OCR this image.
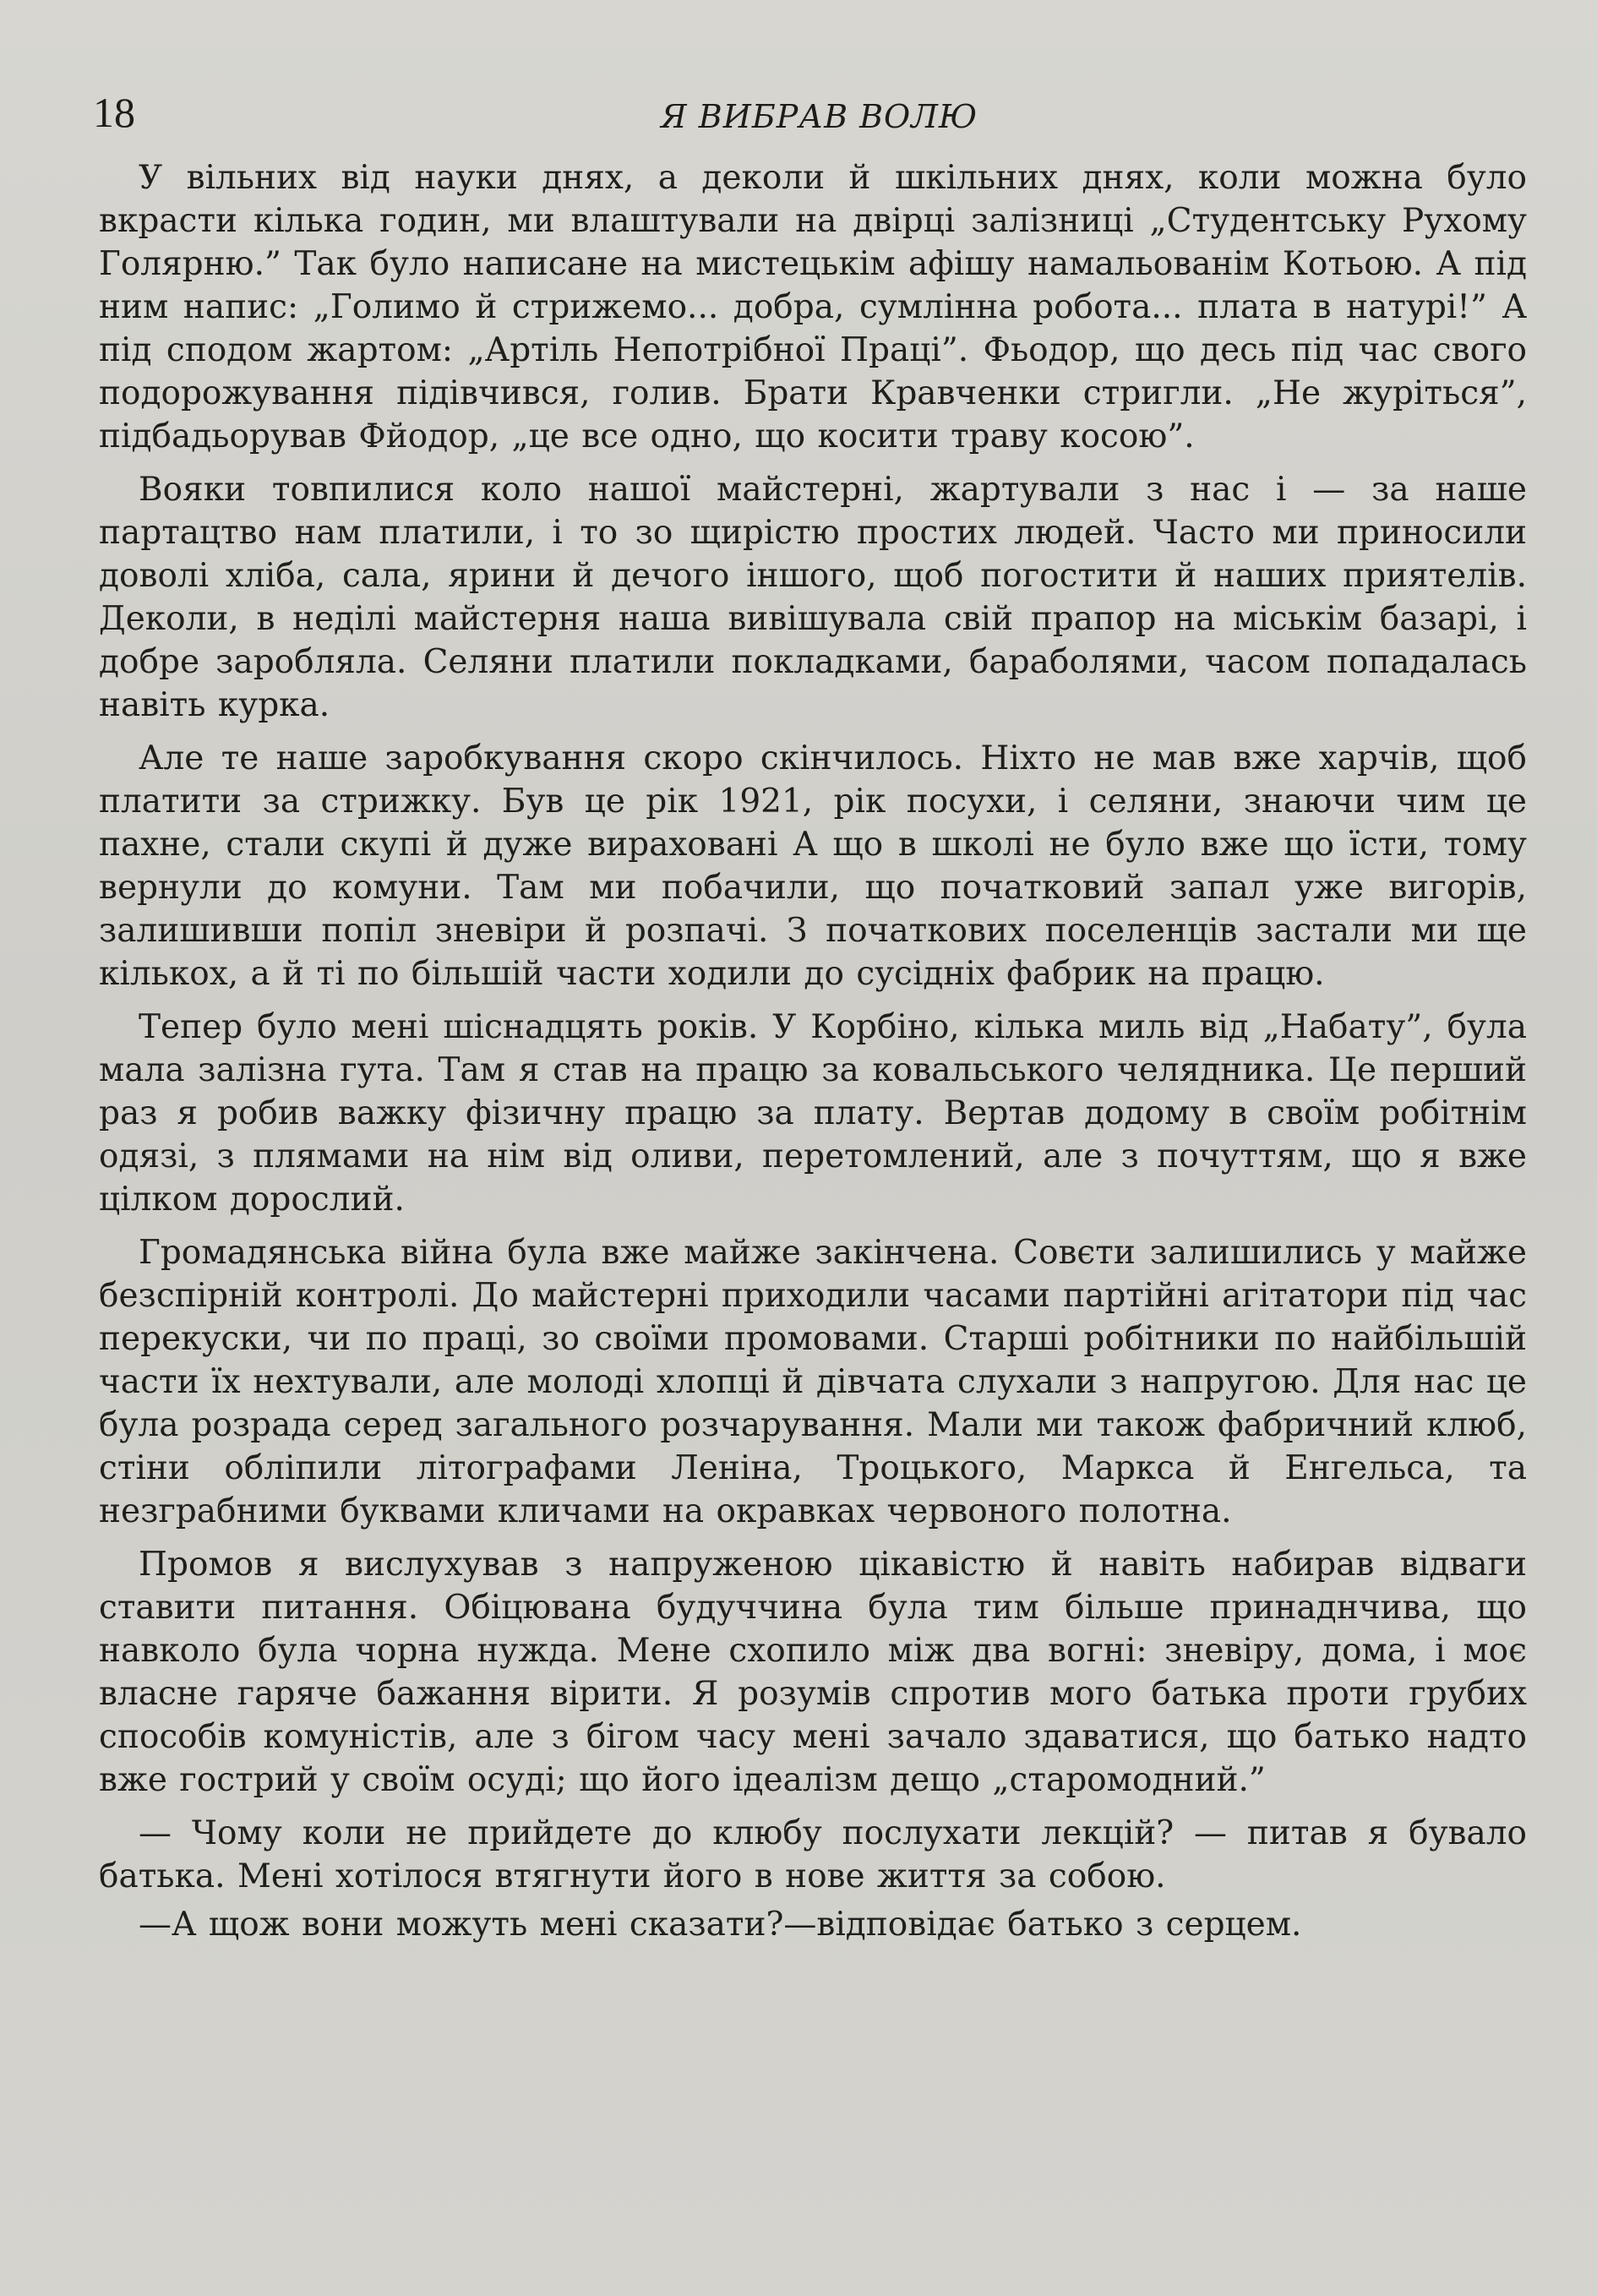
18	Я ВИБРАВ ВОЛЮ

У вільних від науки днях, а деколи й шкільних днях, коли можна було вкрасти кілька годин, ми влаштували на двірці залізниці „Студентську Рухому Голярню.” Так було написане на мистецькім афішу намальованім Котьою. А під ним напис: „Голимо й стрижемо... добра, сумлінна робота... плата в натурі!” А під сподом жартом: „Артіль Непотрібної Праці”. Фьодор, що десь під час свого подорожування підівчився, голив. Брати Кравченки стригли. „Не журіться”, підбадьорував Фйодор, „це все одно, що косити траву косою”.

Вояки товпилися коло нашої майстерні, жартували з нас і — за наше партацтво нам платили, і то зо щирістю простих людей. Часто ми приносили доволі хліба, сала, ярини й дечого іншого, щоб погостити й наших приятелів. Деколи, в неділі майстерня наша вивішувала свій прапор на міськім базарі, і добре заробляла. Селяни платили покладками, бараболями, часом попадалась навіть курка.

Але те наше заробкування скоро скінчилось. Ніхто не мав вже харчів, щоб платити за стрижку. Був це рік 1921, рік посухи, і селяни, знаючи чим це пахне, стали скупі й дуже вираховані А що в школі не було вже що їсти, тому вернули до комуни. Там ми побачили, що початковий запал уже вигорів, залишивши попіл зневіри й розпачі. З початкових поселенців застали ми ще кількох, а й ті по більшій части ходили до сусідніх фабрик на працю.

Тепер було мені шіснадцять років. У Корбіно, кілька миль від „Набату”, була мала залізна гута. Там я став на працю за ковальського челядника. Це перший раз я робив важку фізичну працю за плату. Вертав додому в своїм робітнім одязі, з плямами на нім від оливи, перетомлений, але з почуттям, що я вже цілком дорослий.

Громадянська війна була вже майже закінчена. Совєти залишились у майже безспірній контролі. До майстерні приходили часами партійні агітатори під час перекуски, чи по праці, зо своїми промовами. Старші робітники по найбільшій части їх нехтували, але молоді хлопці й дівчата слухали з напругою. Для нас це була розрада серед загального розчарування. Мали ми також фабричний клюб, стіни обліпили літографами Леніна, Троцького, Маркса й Енгельса, та незграбними буквами кличами на окравках червоного полотна.

Промов я вислухував з напруженою цікавістю й навіть набирав відваги ставити питання. Обіцювана будуччина була тим більше принаднчива, що навколо була чорна нужда. Мене схопило між два вогні: зневіру, дома, і моє власне гаряче бажання вірити. Я розумів спротив мого батька проти грубих способів комуністів, але з бігом часу мені зачало здаватися, що батько надто вже гострий у своїм осуді; що його ідеалізм дещо „старомодний.”

— Чому коли не прийдете до клюбу послухати лекцій? — питав я бувало батька. Мені хотілося втягнути його в нове життя за собою.

—А щож вони можуть мені сказати?—відповідає батько з серцем.
